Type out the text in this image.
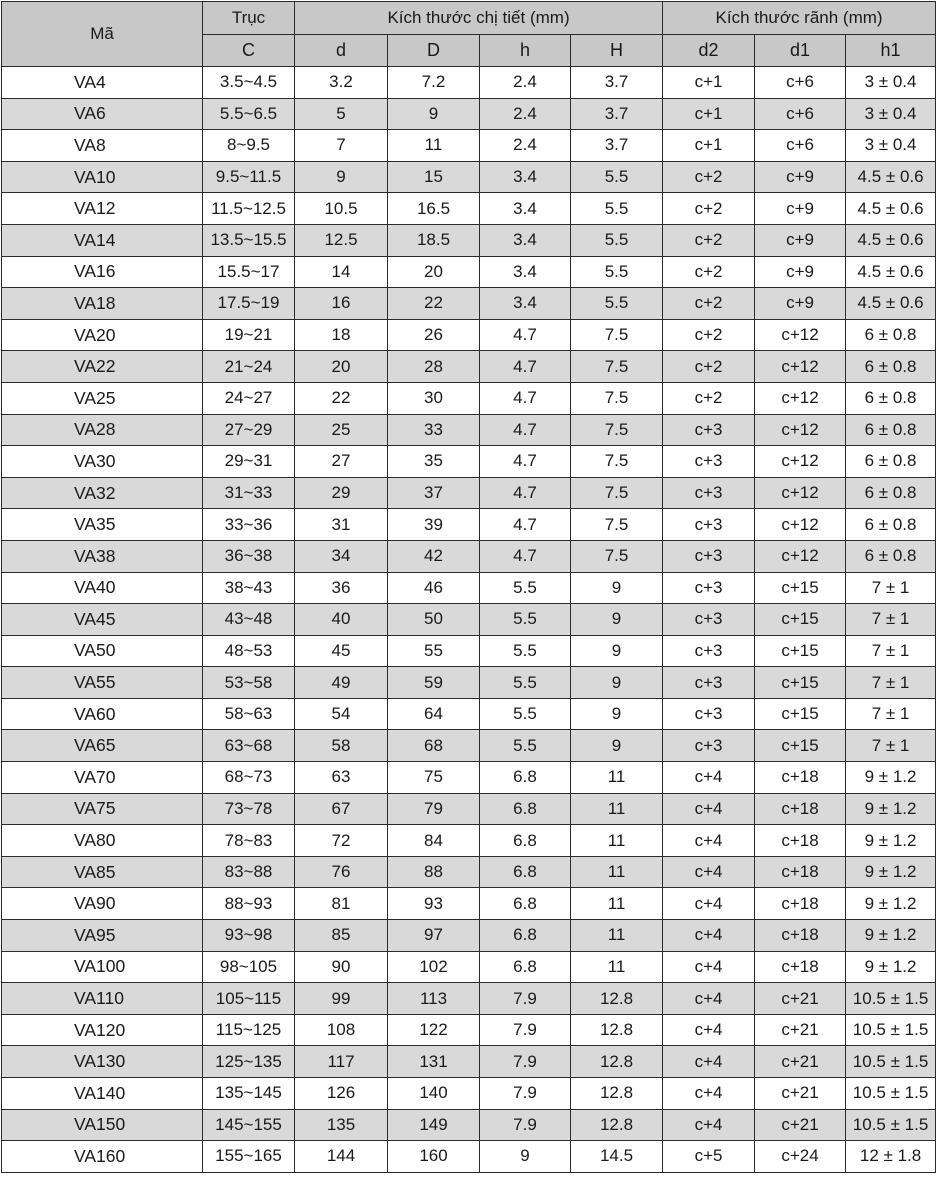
Mã	Trục	Kích thước chị tiết (mm)				Kích thước rãnh (mm)		
	C	d	D	h	H	d2	d1	h1
VA4	3.5~4.5	3.2	7.2	2.4	3.7	c+1	c+6	3 ± 0.4
VA6	5.5~6.5	5	9	2.4	3.7	c+1	c+6	3 ± 0.4
VA8	8~9.5	7	11	2.4	3.7	c+1	c+6	3 ± 0.4
VA10	9.5~11.5	9	15	3.4	5.5	c+2	c+9	4.5 ± 0.6
VA12	11.5~12.5	10.5	16.5	3.4	5.5	c+2	c+9	4.5 ± 0.6
VA14	13.5~15.5	12.5	18.5	3.4	5.5	c+2	c+9	4.5 ± 0.6
VA16	15.5~17	14	20	3.4	5.5	c+2	c+9	4.5 ± 0.6
VA18	17.5~19	16	22	3.4	5.5	c+2	c+9	4.5 ± 0.6
VA20	19~21	18	26	4.7	7.5	c+2	c+12	6 ± 0.8
VA22	21~24	20	28	4.7	7.5	c+2	c+12	6 ± 0.8
VA25	24~27	22	30	4.7	7.5	c+2	c+12	6 ± 0.8
VA28	27~29	25	33	4.7	7.5	c+3	c+12	6 ± 0.8
VA30	29~31	27	35	4.7	7.5	c+3	c+12	6 ± 0.8
VA32	31~33	29	37	4.7	7.5	c+3	c+12	6 ± 0.8
VA35	33~36	31	39	4.7	7.5	c+3	c+12	6 ± 0.8
VA38	36~38	34	42	4.7	7.5	c+3	c+12	6 ± 0.8
VA40	38~43	36	46	5.5	9	c+3	c+15	7 ± 1
VA45	43~48	40	50	5.5	9	c+3	c+15	7 ± 1
VA50	48~53	45	55	5.5	9	c+3	c+15	7 ± 1
VA55	53~58	49	59	5.5	9	c+3	c+15	7 ± 1
VA60	58~63	54	64	5.5	9	c+3	c+15	7 ± 1
VA65	63~68	58	68	5.5	9	c+3	c+15	7 ± 1
VA70	68~73	63	75	6.8	11	c+4	c+18	9 ± 1.2
VA75	73~78	67	79	6.8	11	c+4	c+18	9 ± 1.2
VA80	78~83	72	84	6.8	11	c+4	c+18	9 ± 1.2
VA85	83~88	76	88	6.8	11	c+4	c+18	9 ± 1.2
VA90	88~93	81	93	6.8	11	c+4	c+18	9 ± 1.2
VA95	93~98	85	97	6.8	11	c+4	c+18	9 ± 1.2
VA100	98~105	90	102	6.8	11	c+4	c+18	9 ± 1.2
VA110	105~115	99	113	7.9	12.8	c+4	c+21	10.5 ± 1.5
VA120	115~125	108	122	7.9	12.8	c+4	c+21	10.5 ± 1.5
VA130	125~135	117	131	7.9	12.8	c+4	c+21	10.5 ± 1.5
VA140	135~145	126	140	7.9	12.8	c+4	c+21	10.5 ± 1.5
VA150	145~155	135	149	7.9	12.8	c+4	c+21	10.5 ± 1.5
VA160	155~165	144	160	9	14.5	c+5	c+24	12 ± 1.8
